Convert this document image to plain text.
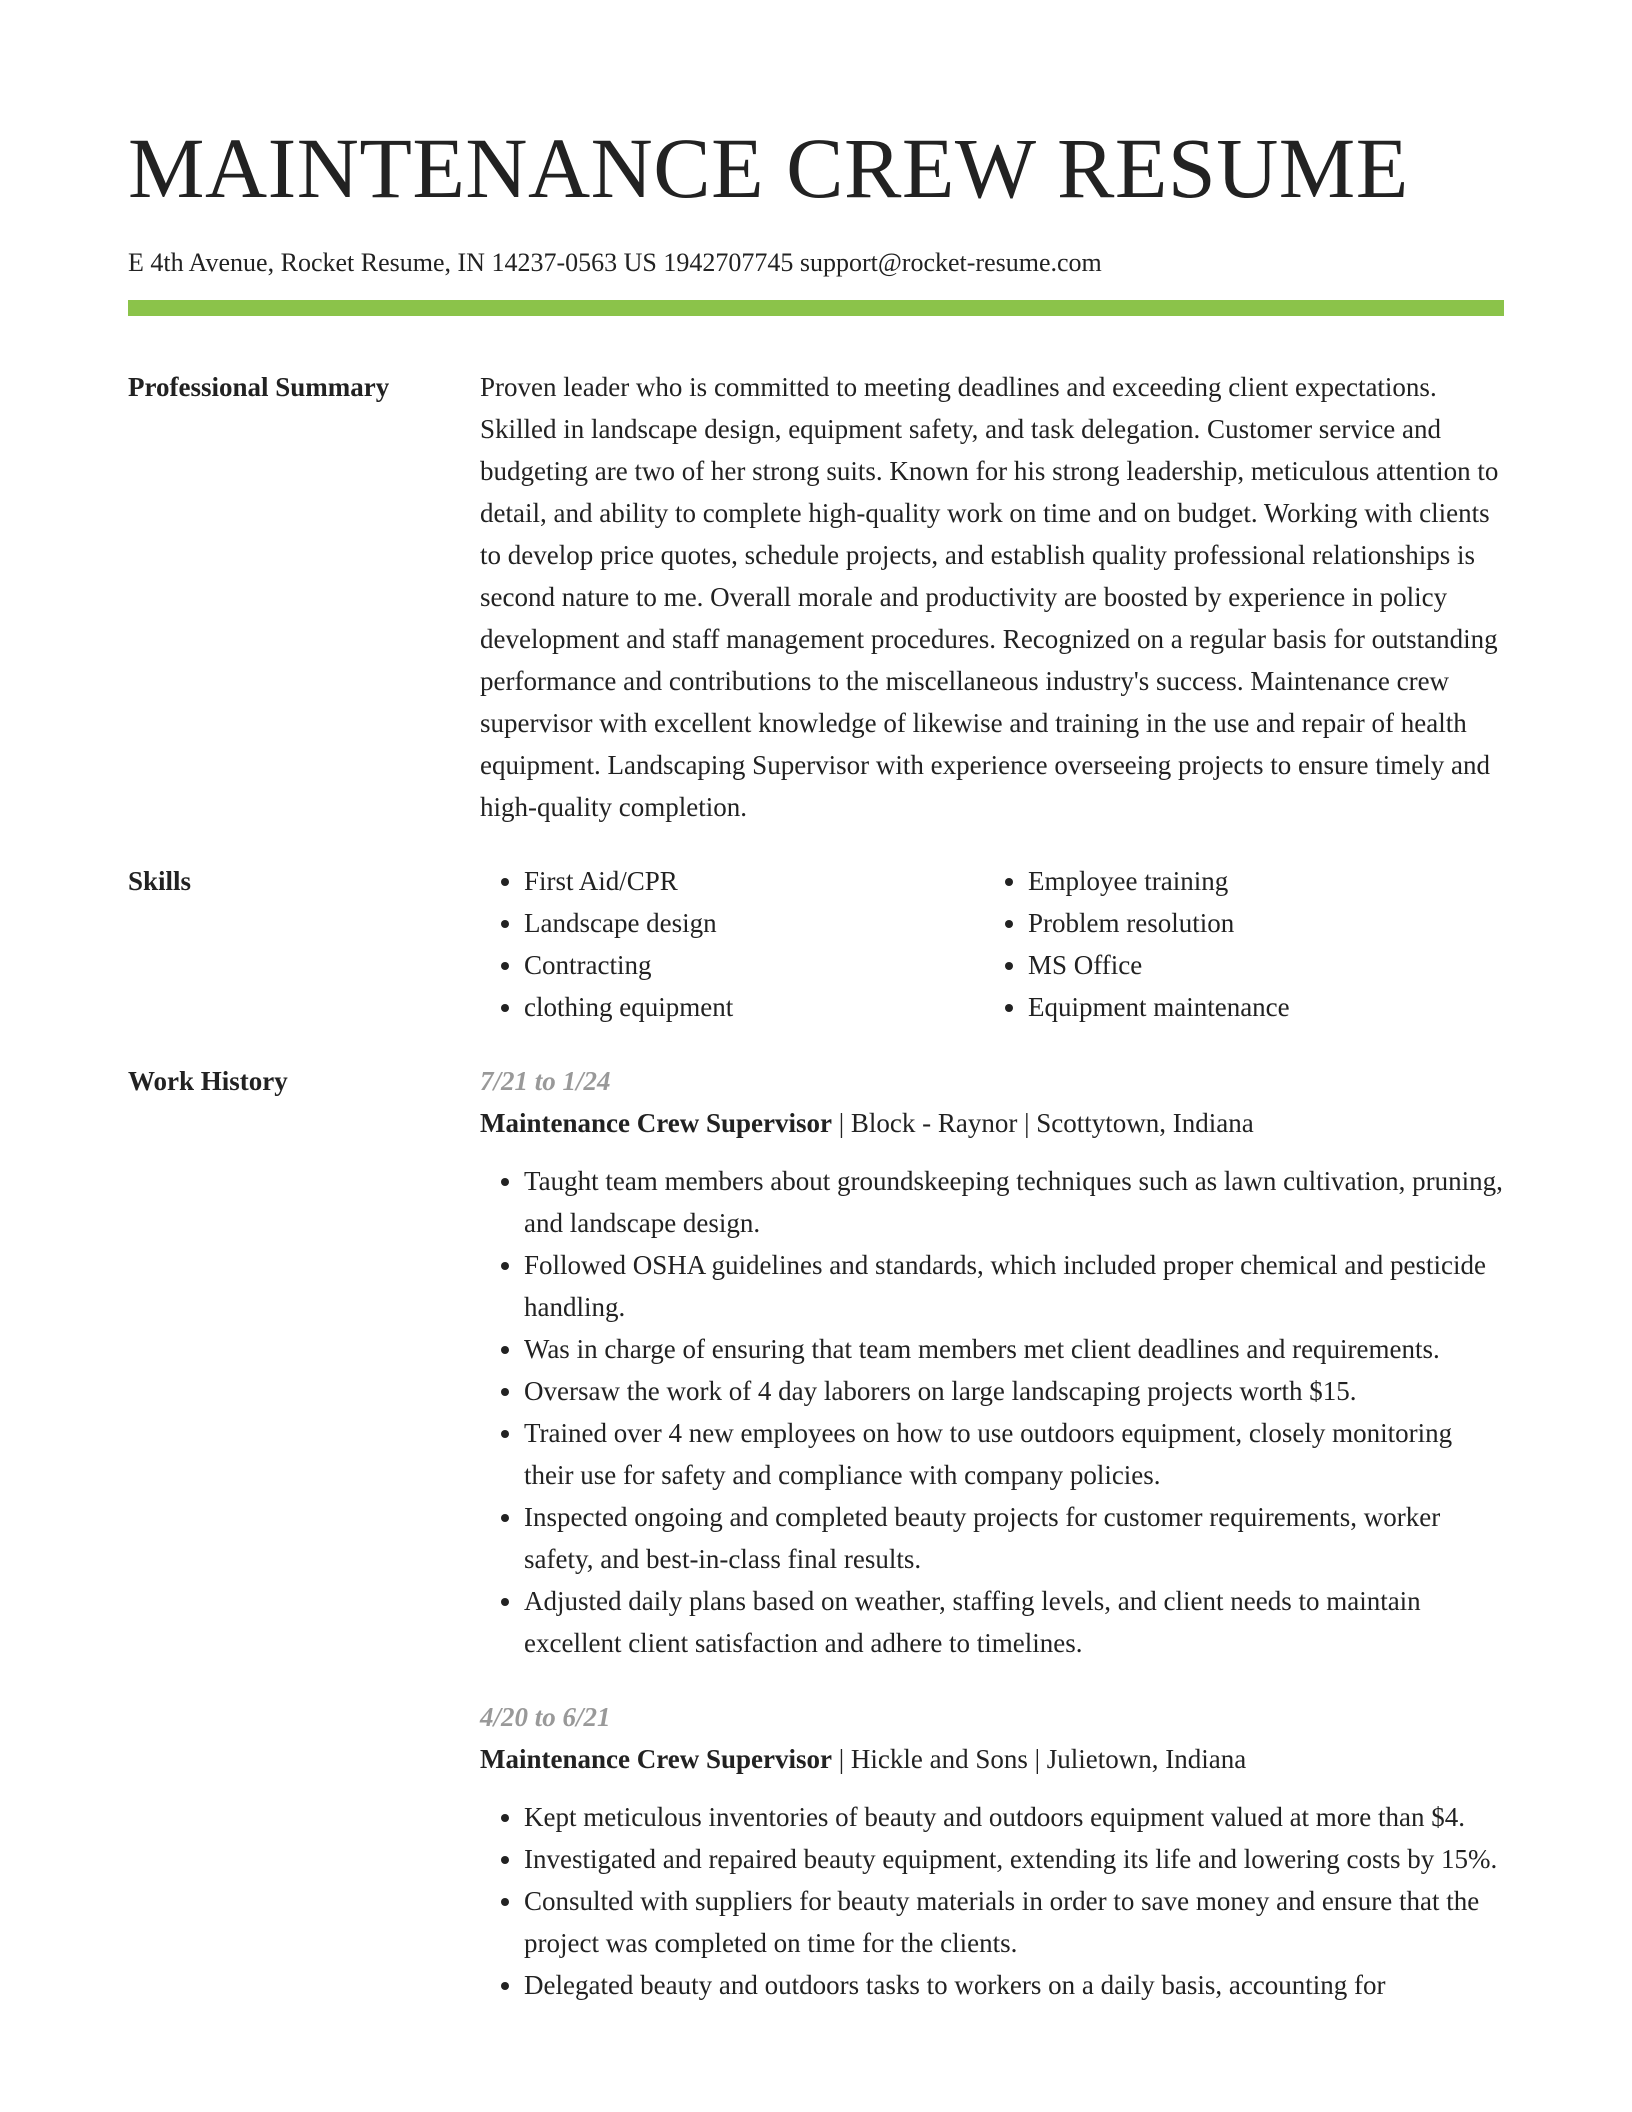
MAINTENANCE CREW RESUME
E 4th Avenue, Rocket Resume, IN 14237-0563 US 1942707745 support@rocket-resume.com
Professional Summary	Proven leader who is committed to meeting deadlines and exceeding client expectations. Skilled in landscape design, equipment safety, and task delegation. Customer service and budgeting are two of her strong suits. Known for his strong leadership, meticulous attention to detail, and ability to complete high-quality work on time and on budget. Working with clients to develop price quotes, schedule projects, and establish quality professional relationships is second nature to me. Overall morale and productivity are boosted by experience in policy development and staff management procedures. Recognized on a regular basis for outstanding performance and contributions to the miscellaneous industry's success. Maintenance crew supervisor with excellent knowledge of likewise and training in the use and repair of health equipment. Landscaping Supervisor with experience overseeing projects to ensure timely and high-quality completion.
Skills
•	First Aid/CPR
• Landscape design
• Contracting
• clothing equipment
• Employee training
• Problem resolution
• MS Office
• Equipment maintenance
Work History	7/21 to 1/24
Maintenance Crew Supervisor | Block - Raynor | Scottytown, Indiana
• Taught team members about groundskeeping techniques such as lawn cultivation, pruning, and landscape design.
• Followed OSHA guidelines and standards, which included proper chemical and pesticide handling.
• Was in charge of ensuring that team members met client deadlines and requirements.
• Oversaw the work of 4 day laborers on large landscaping projects worth $15.
• Trained over 4 new employees on how to use outdoors equipment, closely monitoring their use for safety and compliance with company policies.
• Inspected ongoing and completed beauty projects for customer requirements, worker safety, and best-in-class final results.
• Adjusted daily plans based on weather, staffing levels, and client needs to maintain excellent client satisfaction and adhere to timelines.
4/20 to 6/21
Maintenance Crew Supervisor | Hickle and Sons | Julietown, Indiana
• Kept meticulous inventories of beauty and outdoors equipment valued at more than $4.
• Investigated and repaired beauty equipment, extending its life and lowering costs by 15%.
• Consulted with suppliers for beauty materials in order to save money and ensure that the project was completed on time for the clients.
• Delegated beauty and outdoors tasks to workers on a daily basis, accounting for
